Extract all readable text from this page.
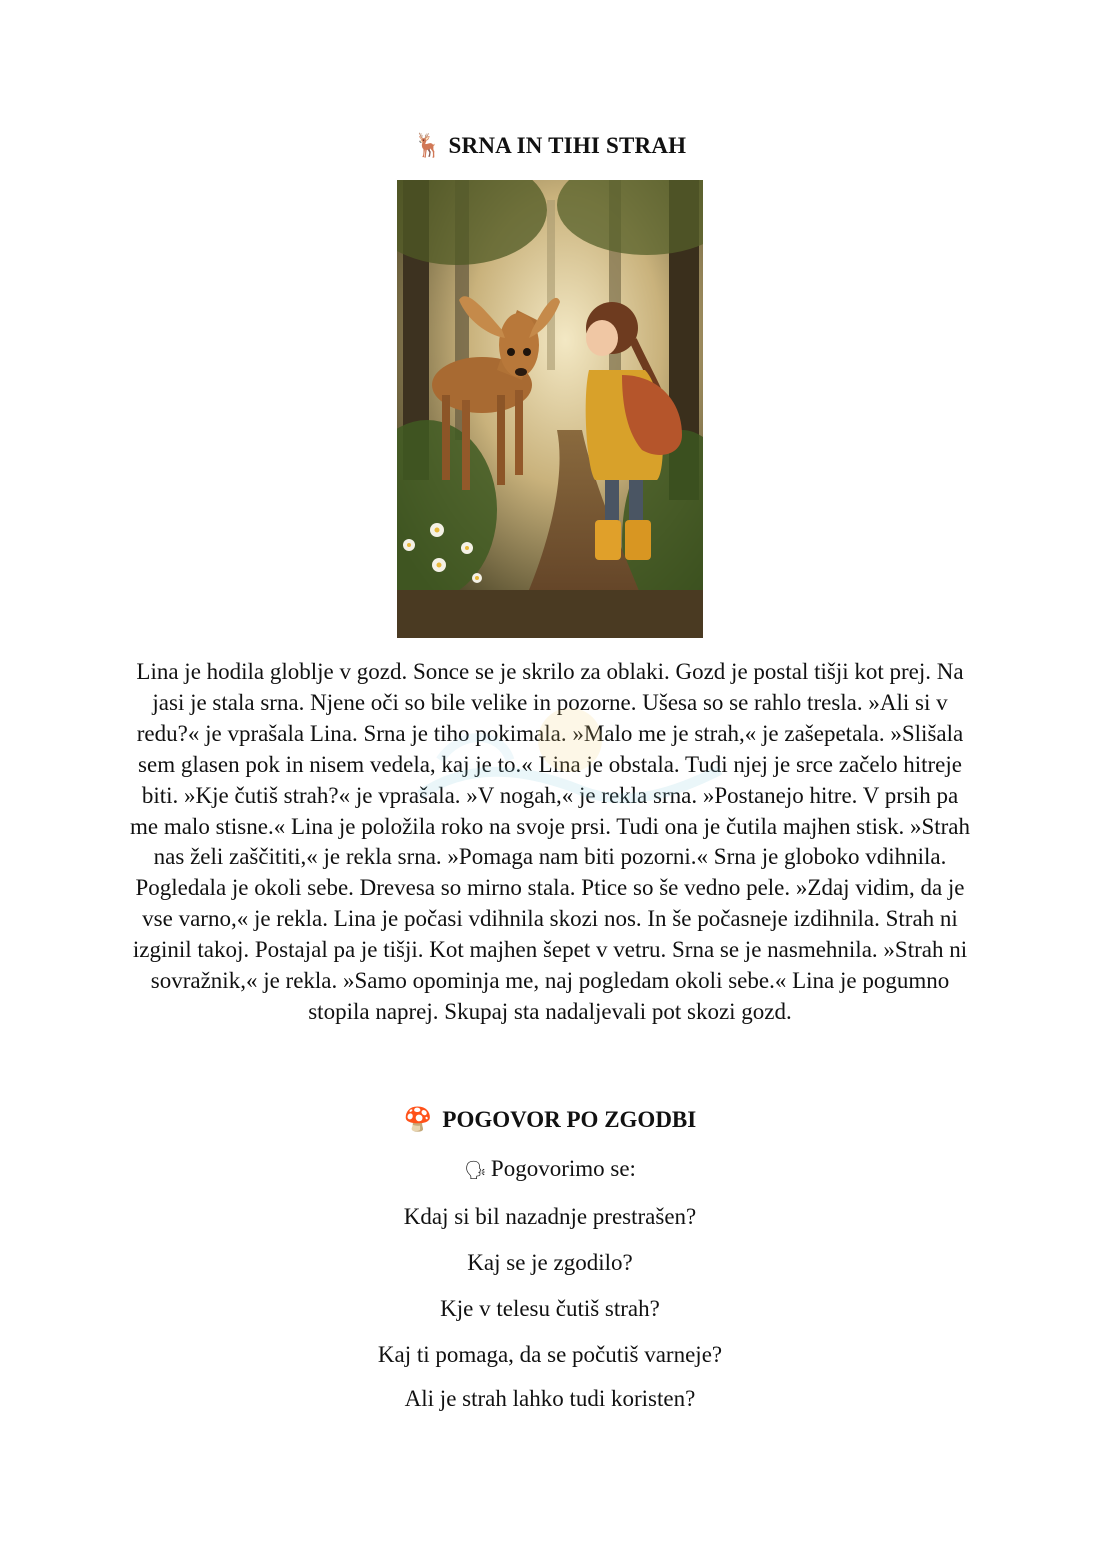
🦌 SRNA IN TIHI STRAH

Lina je hodila globlje v gozd. Sonce se je skrilo za oblaki. Gozd je postal tišji kot prej. Na jasi je stala srna. Njene oči so bile velike in pozorne. Ušesa so se rahlo tresla. »Ali si v redu?« je vprašala Lina. Srna je tiho pokimala. »Malo me je strah,« je zašepetala. »Slišala sem glasen pok in nisem vedela, kaj je to.« Lina je obstala. Tudi njej je srce začelo hitreje biti. »Kje čutiš strah?« je vprašala. »V nogah,« je rekla srna. »Postanejo hitre. V prsih pa me malo stisne.« Lina je položila roko na svoje prsi. Tudi ona je čutila majhen stisk. »Strah nas želi zaščititi,« je rekla srna. »Pomaga nam biti pozorni.« Srna je globoko vdihnila. Pogledala je okoli sebe. Drevesa so mirno stala. Ptice so še vedno pele. »Zdaj vidim, da je vse varno,« je rekla. Lina je počasi vdihnila skozi nos. In še počasneje izdihnila. Strah ni izginil takoj. Postajal pa je tišji. Kot majhen šepet v vetru. Srna se je nasmehnila. »Strah ni sovražnik,« je rekla. »Samo opominja me, naj pogledam okoli sebe.« Lina je pogumno stopila naprej. Skupaj sta nadaljevali pot skozi gozd.

🍄 POGOVOR PO ZGODBI
🗣 Pogovorimo se:
Kdaj si bil nazadnje prestrašen?
Kaj se je zgodilo?
Kje v telesu čutiš strah?
Kaj ti pomaga, da se počutiš varneje?
Ali je strah lahko tudi koristen?
